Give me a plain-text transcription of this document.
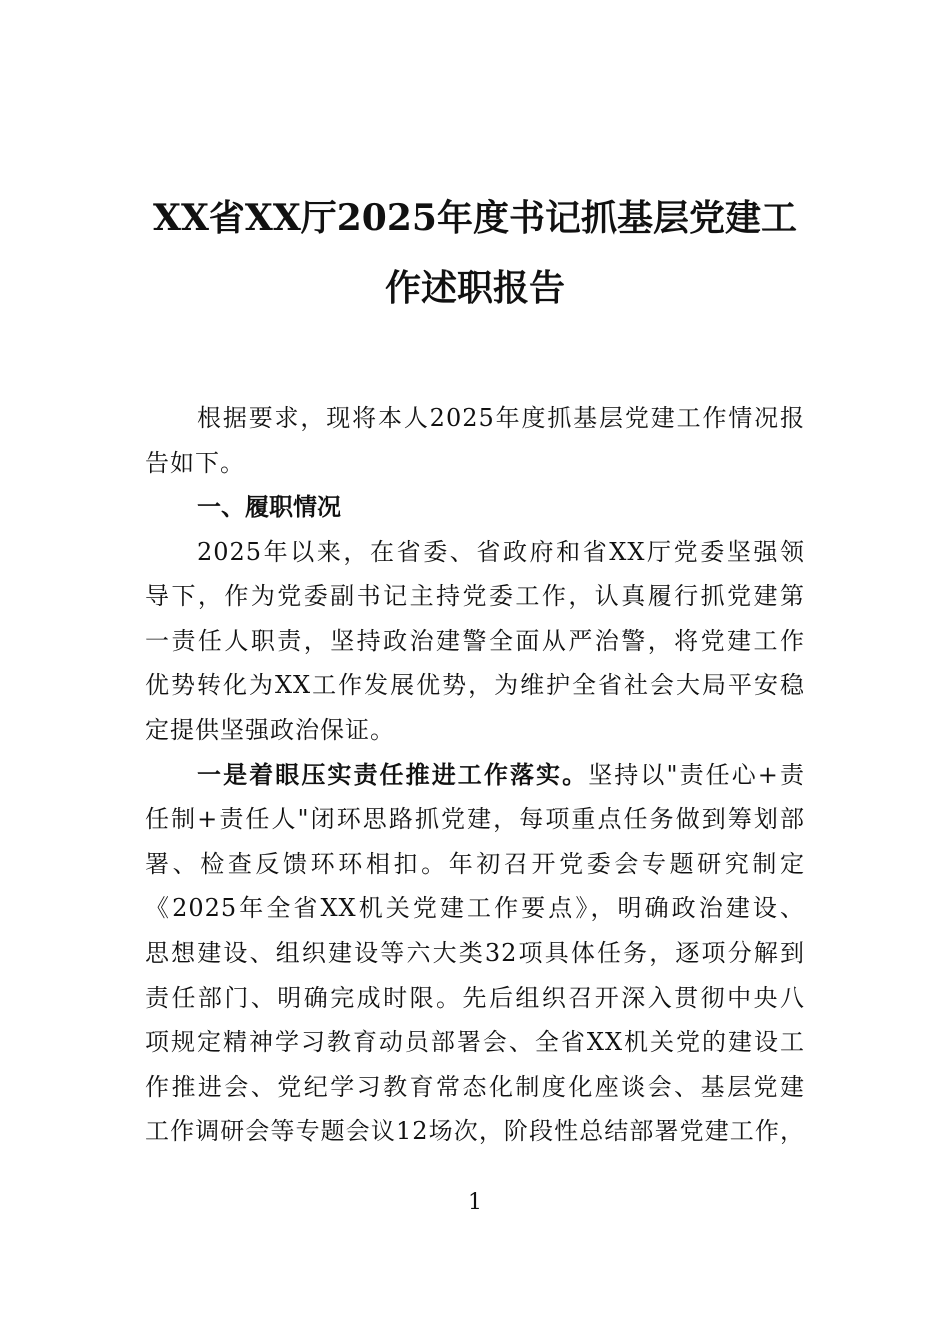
XX省XX厅2025年度书记抓基层党建工
作述职报告
根据要求，现将本人2025年度抓基层党建工作情况报
告如下。
一、履职情况
2025年以来，在省委、省政府和省XX厅党委坚强领
导下，作为党委副书记主持党委工作，认真履行抓党建第
一责任人职责，坚持政治建警全面从严治警，将党建工作
优势转化为XX工作发展优势，为维护全省社会大局平安稳
定提供坚强政治保证。
一是着眼压实责任推进工作落实。坚持以"责任心+责
任制+责任人"闭环思路抓党建，每项重点任务做到筹划部
署、检查反馈环环相扣。年初召开党委会专题研究制定
《2025年全省XX机关党建工作要点》，明确政治建设、
思想建设、组织建设等六大类32项具体任务，逐项分解到
责任部门、明确完成时限。先后组织召开深入贯彻中央八
项规定精神学习教育动员部署会、全省XX机关党的建设工
作推进会、党纪学习教育常态化制度化座谈会、基层党建
工作调研会等专题会议12场次，阶段性总结部署党建工作，
1
